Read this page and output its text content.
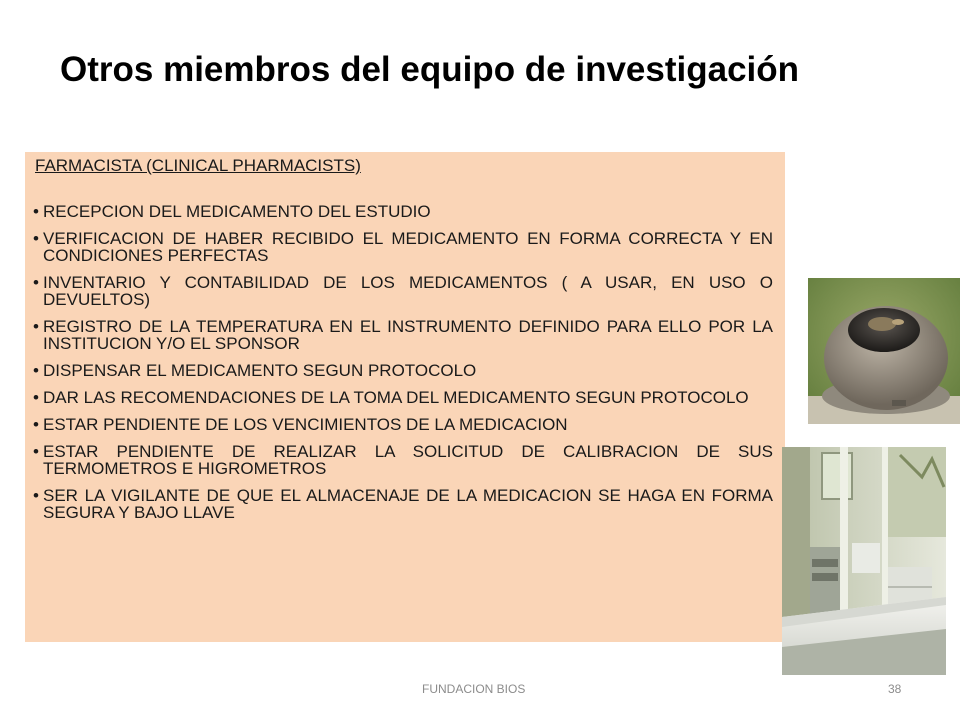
Otros miembros del equipo de investigación
FARMACISTA (CLINICAL PHARMACISTS)
• RECEPCION DEL MEDICAMENTO DEL ESTUDIO
• VERIFICACION DE HABER RECIBIDO EL MEDICAMENTO EN FORMA CORRECTA Y EN CONDICIONES PERFECTAS
• INVENTARIO Y CONTABILIDAD DE LOS MEDICAMENTOS ( A USAR, EN USO O DEVUELTOS)
• REGISTRO DE LA TEMPERATURA EN EL INSTRUMENTO DEFINIDO PARA ELLO POR LA INSTITUCION Y/O EL SPONSOR
• DISPENSAR EL MEDICAMENTO SEGUN PROTOCOLO
• DAR LAS RECOMENDACIONES DE LA TOMA DEL MEDICAMENTO SEGUN PROTOCOLO
• ESTAR PENDIENTE DE LOS VENCIMIENTOS DE LA MEDICACION
• ESTAR PENDIENTE DE REALIZAR LA SOLICITUD DE CALIBRACION DE SUS TERMOMETROS E HIGROMETROS
• SER LA VIGILANTE DE QUE EL ALMACENAJE DE LA MEDICACION SE HAGA EN FORMA SEGURA Y BAJO LLAVE
FUNDACION BIOS	38
